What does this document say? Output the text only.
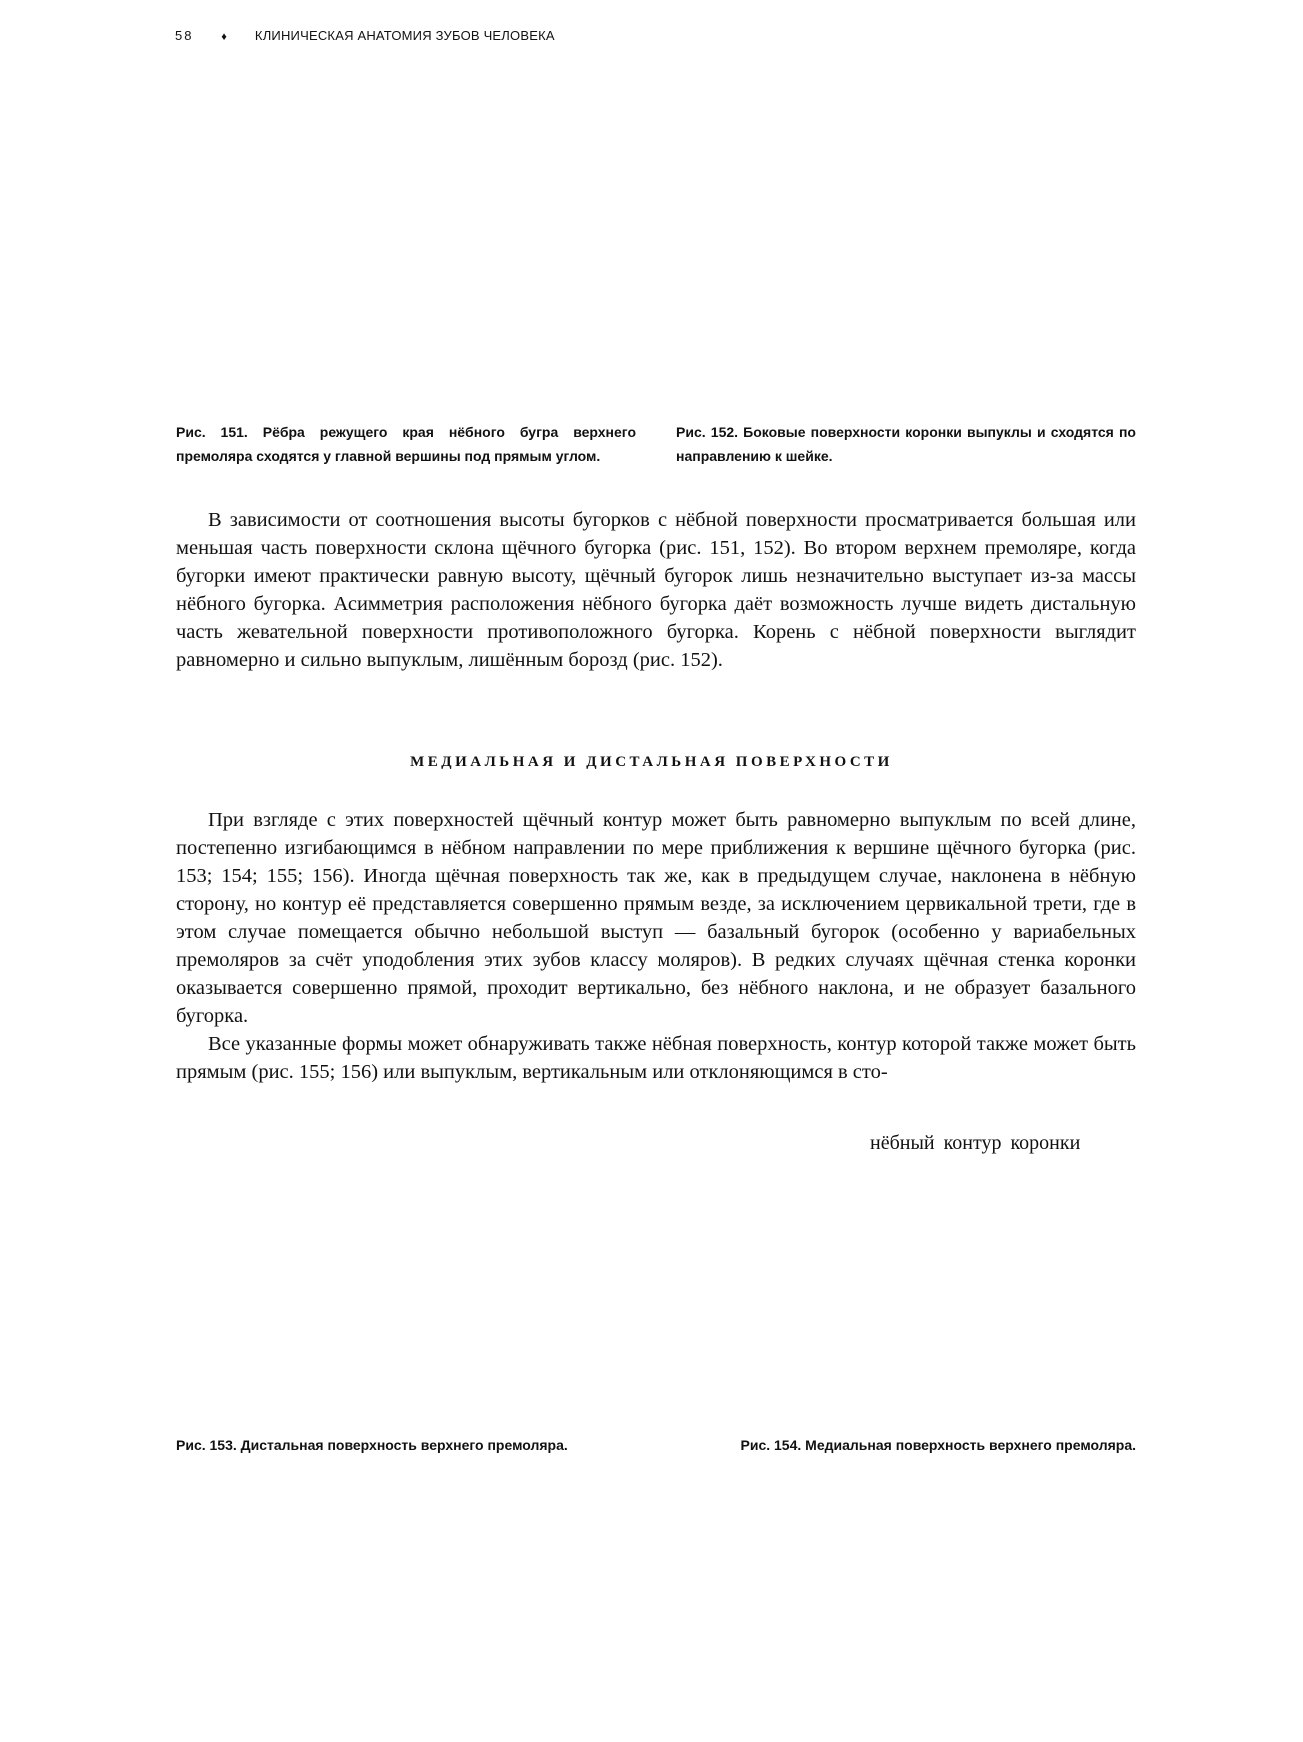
58	♦ КЛИНИЧЕСКАЯ АНАТОМИЯ ЗУБОВ ЧЕЛОВЕКА
Рис. 151. Рёбра режущего края нёбного бугра верхнего премоляра сходятся у главной вершины под прямым углом.
Рис. 152. Боковые поверхности коронки выпуклы и сходятся по направлению к шейке.

В зависимости от соотношения высоты бугорков с нёбной поверхности просматривается большая или меньшая часть поверхности склона щёчного бугорка (рис. 151, 152). Во втором верхнем премоляре, когда бугорки имеют практически равную высоту, щёчный бугорок лишь незначительно выступает из-за массы нёбного бугорка. Асимметрия расположения нёбного бугорка даёт возможность лучше видеть дистальную часть жевательной поверхности противоположного бугорка. Корень с нёбной поверхности выглядит равномерно и сильно выпуклым, лишённым борозд (рис. 152).

МЕДИАЛЬНАЯ И ДИСТАЛЬНАЯ ПОВЕРХНОСТИ

При взгляде с этих поверхностей щёчный контур может быть равномерно выпуклым по всей длине, постепенно изгибающимся в нёбном направлении по мере приближения к вершине щёчного бугорка (рис. 153; 154; 155; 156). Иногда щёчная поверхность так же, как в предыдущем случае, наклонена в нёбную сторону, но контур её представляется совершенно прямым везде, за исключением цервикальной трети, где в этом случае помещается обычно небольшой выступ — базальный бугорок (особенно у вариабельных премоляров за счёт уподобления этих зубов классу моляров). В редких случаях щёчная стенка коронки оказывается совершенно прямой, проходит вертикально, без нёбного наклона, и не образует базального бугорка.

Все указанные формы может обнаруживать также нёбная поверхность, контур которой также может быть прямым (рис. 155; 156) или выпуклым, вертикальным или отклоняющимся в сто-

нёбный контур коронки
Рис. 153. Дистальная поверхность верхнего премоляра.	Рис. 154. Медиальная поверхность верхнего премоляра.
